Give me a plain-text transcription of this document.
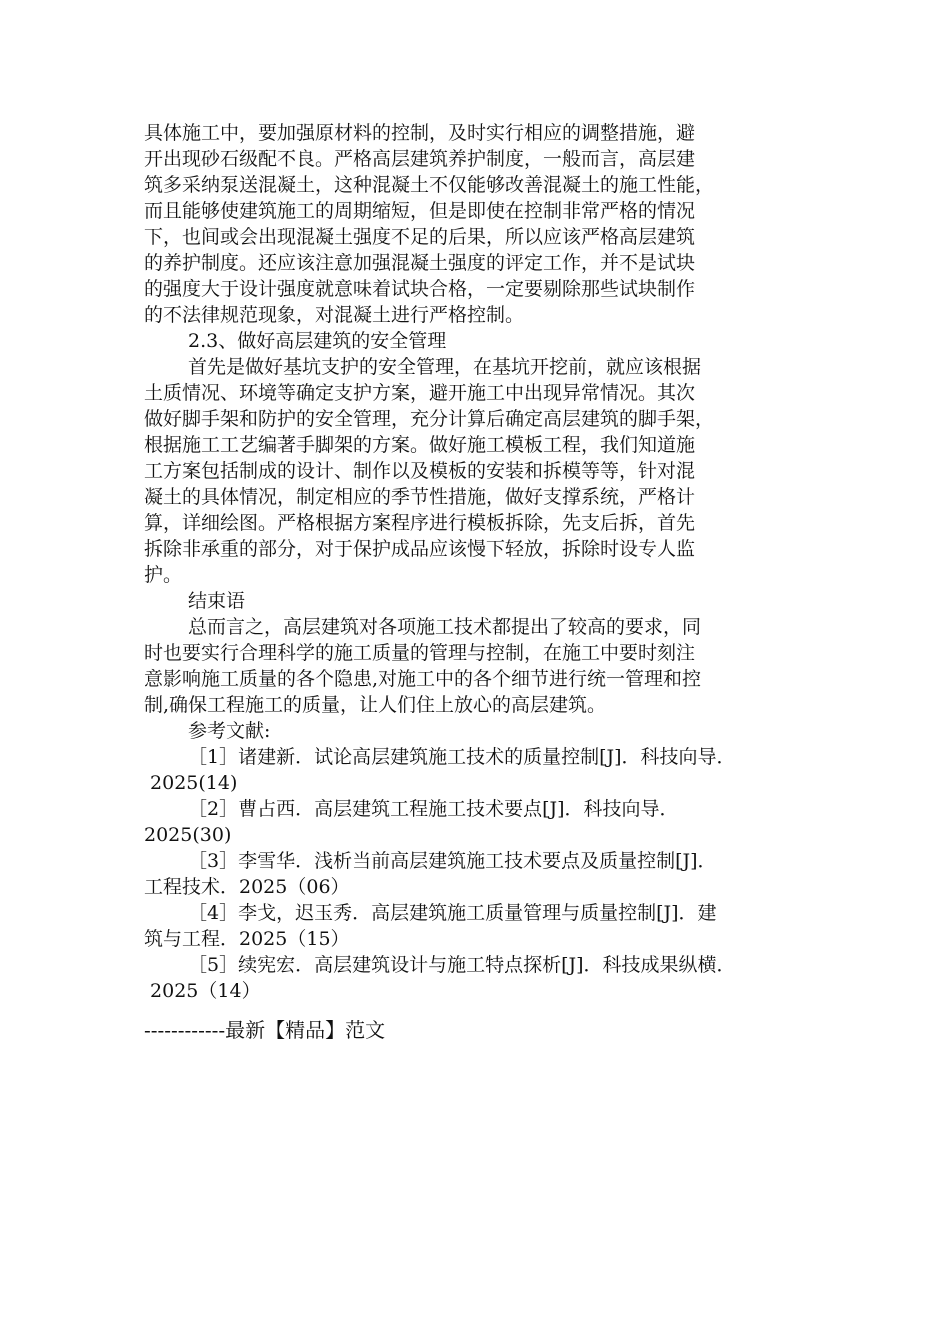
具体施工中，要加强原材料的控制，及时实行相应的调整措施，避
开出现砂石级配不良。严格高层建筑养护制度，一般而言，高层建
筑多采纳泵送混凝土，这种混凝土不仅能够改善混凝土的施工性能，
而且能够使建筑施工的周期缩短，但是即使在控制非常严格的情况
下，也间或会出现混凝土强度不足的后果，所以应该严格高层建筑
的养护制度。还应该注意加强混凝土强度的评定工作，并不是试块
的强度大于设计强度就意味着试块合格，一定要剔除那些试块制作
的不法律规范现象，对混凝土进行严格控制。
2.3、做好高层建筑的安全管理
首先是做好基坑支护的安全管理，在基坑开挖前，就应该根据
土质情况、环境等确定支护方案，避开施工中出现异常情况。其次
做好脚手架和防护的安全管理，充分计算后确定高层建筑的脚手架，
根据施工工艺编著手脚架的方案。做好施工模板工程，我们知道施
工方案包括制成的设计、制作以及模板的安装和拆模等等，针对混
凝土的具体情况，制定相应的季节性措施，做好支撑系统，严格计
算，详细绘图。严格根据方案程序进行模板拆除，先支后拆，首先
拆除非承重的部分，对于保护成品应该慢下轻放，拆除时设专人监
护。
结束语
总而言之，高层建筑对各项施工技术都提出了较高的要求，同
时也要实行合理科学的施工质量的管理与控制，在施工中要时刻注
意影响施工质量的各个隐患,对施工中的各个细节进行统一管理和控
制,确保工程施工的质量，让人们住上放心的高层建筑。
参考文献:
［1］诸建新．试论高层建筑施工技术的质量控制[J]．科技向导．
2025(14)
［2］曹占西．高层建筑工程施工技术要点[J]．科技向导．
2025(30)
［3］李雪华．浅析当前高层建筑施工技术要点及质量控制[J]．
工程技术．2025（06）
［4］李戈，迟玉秀．高层建筑施工质量管理与质量控制[J]．建
筑与工程．2025（15）
［5］续宪宏．高层建筑设计与施工特点探析[J]．科技成果纵横．
2025（14）
------------最新【精品】范文
